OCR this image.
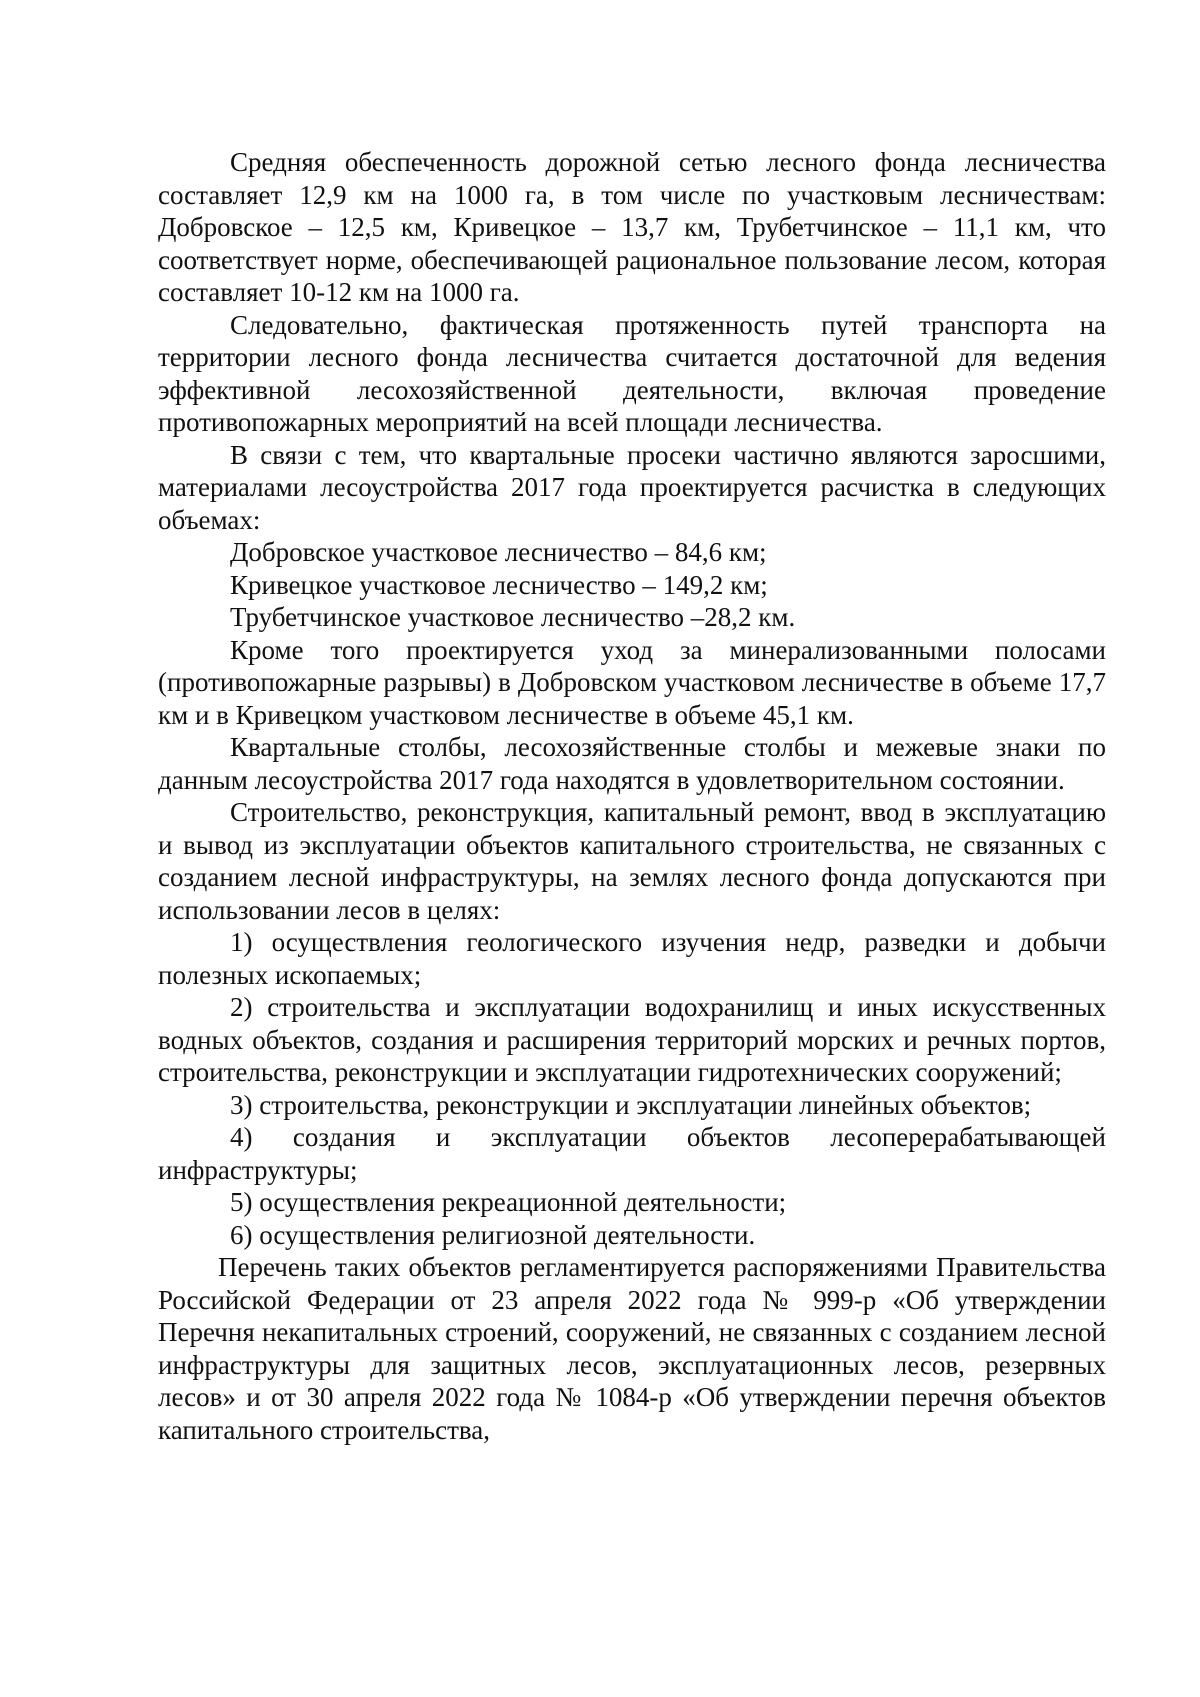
Средняя обеспеченность дорожной сетью лесного фонда лесничества составляет 12,9 км на 1000 га, в том числе по участковым лесничествам: Добровское – 12,5 км, Кривецкое – 13,7 км, Трубетчинское – 11,1 км, что соответствует норме, обеспечивающей рациональное пользование лесом, которая составляет 10-12 км на 1000 га.

Следовательно, фактическая протяженность путей транспорта на территории лесного фонда лесничества считается достаточной для ведения эффективной лесохозяйственной деятельности, включая проведение противопожарных мероприятий на всей площади лесничества.

В связи с тем, что квартальные просеки частично являются заросшими, материалами лесоустройства 2017 года проектируется расчистка в следующих объемах:

Добровское участковое лесничество – 84,6 км;

Кривецкое участковое лесничество – 149,2 км;

Трубетчинское участковое лесничество –28,2 км.

Кроме того проектируется уход за минерализованными полосами (противопожарные разрывы) в Добровском участковом лесничестве в объеме 17,7 км и в Кривецком участковом лесничестве в объеме 45,1 км.

Квартальные столбы, лесохозяйственные столбы и межевые знаки по данным лесоустройства 2017 года находятся в удовлетворительном состоянии.

Строительство, реконструкция, капитальный ремонт, ввод в эксплуатацию и вывод из эксплуатации объектов капитального строительства, не связанных с созданием лесной инфраструктуры, на землях лесного фонда допускаются при использовании лесов в целях:

1) осуществления геологического изучения недр, разведки и добычи полезных ископаемых;

2) строительства и эксплуатации водохранилищ и иных искусственных водных объектов, создания и расширения территорий морских и речных портов, строительства, реконструкции и эксплуатации гидротехнических сооружений;

3) строительства, реконструкции и эксплуатации линейных объектов;

4) создания и эксплуатации объектов лесоперерабатывающей инфраструктуры;

5) осуществления рекреационной деятельности;

6) осуществления религиозной деятельности.

Перечень таких объектов регламентируется распоряжениями Правительства Российской Федерации от 23 апреля 2022 года № 999-р «Об утверждении Перечня некапитальных строений, сооружений, не связанных с созданием лесной инфраструктуры для защитных лесов, эксплуатационных лесов, резервных лесов» и от 30 апреля 2022 года № 1084-р «Об утверждении перечня объектов капитального строительства,
